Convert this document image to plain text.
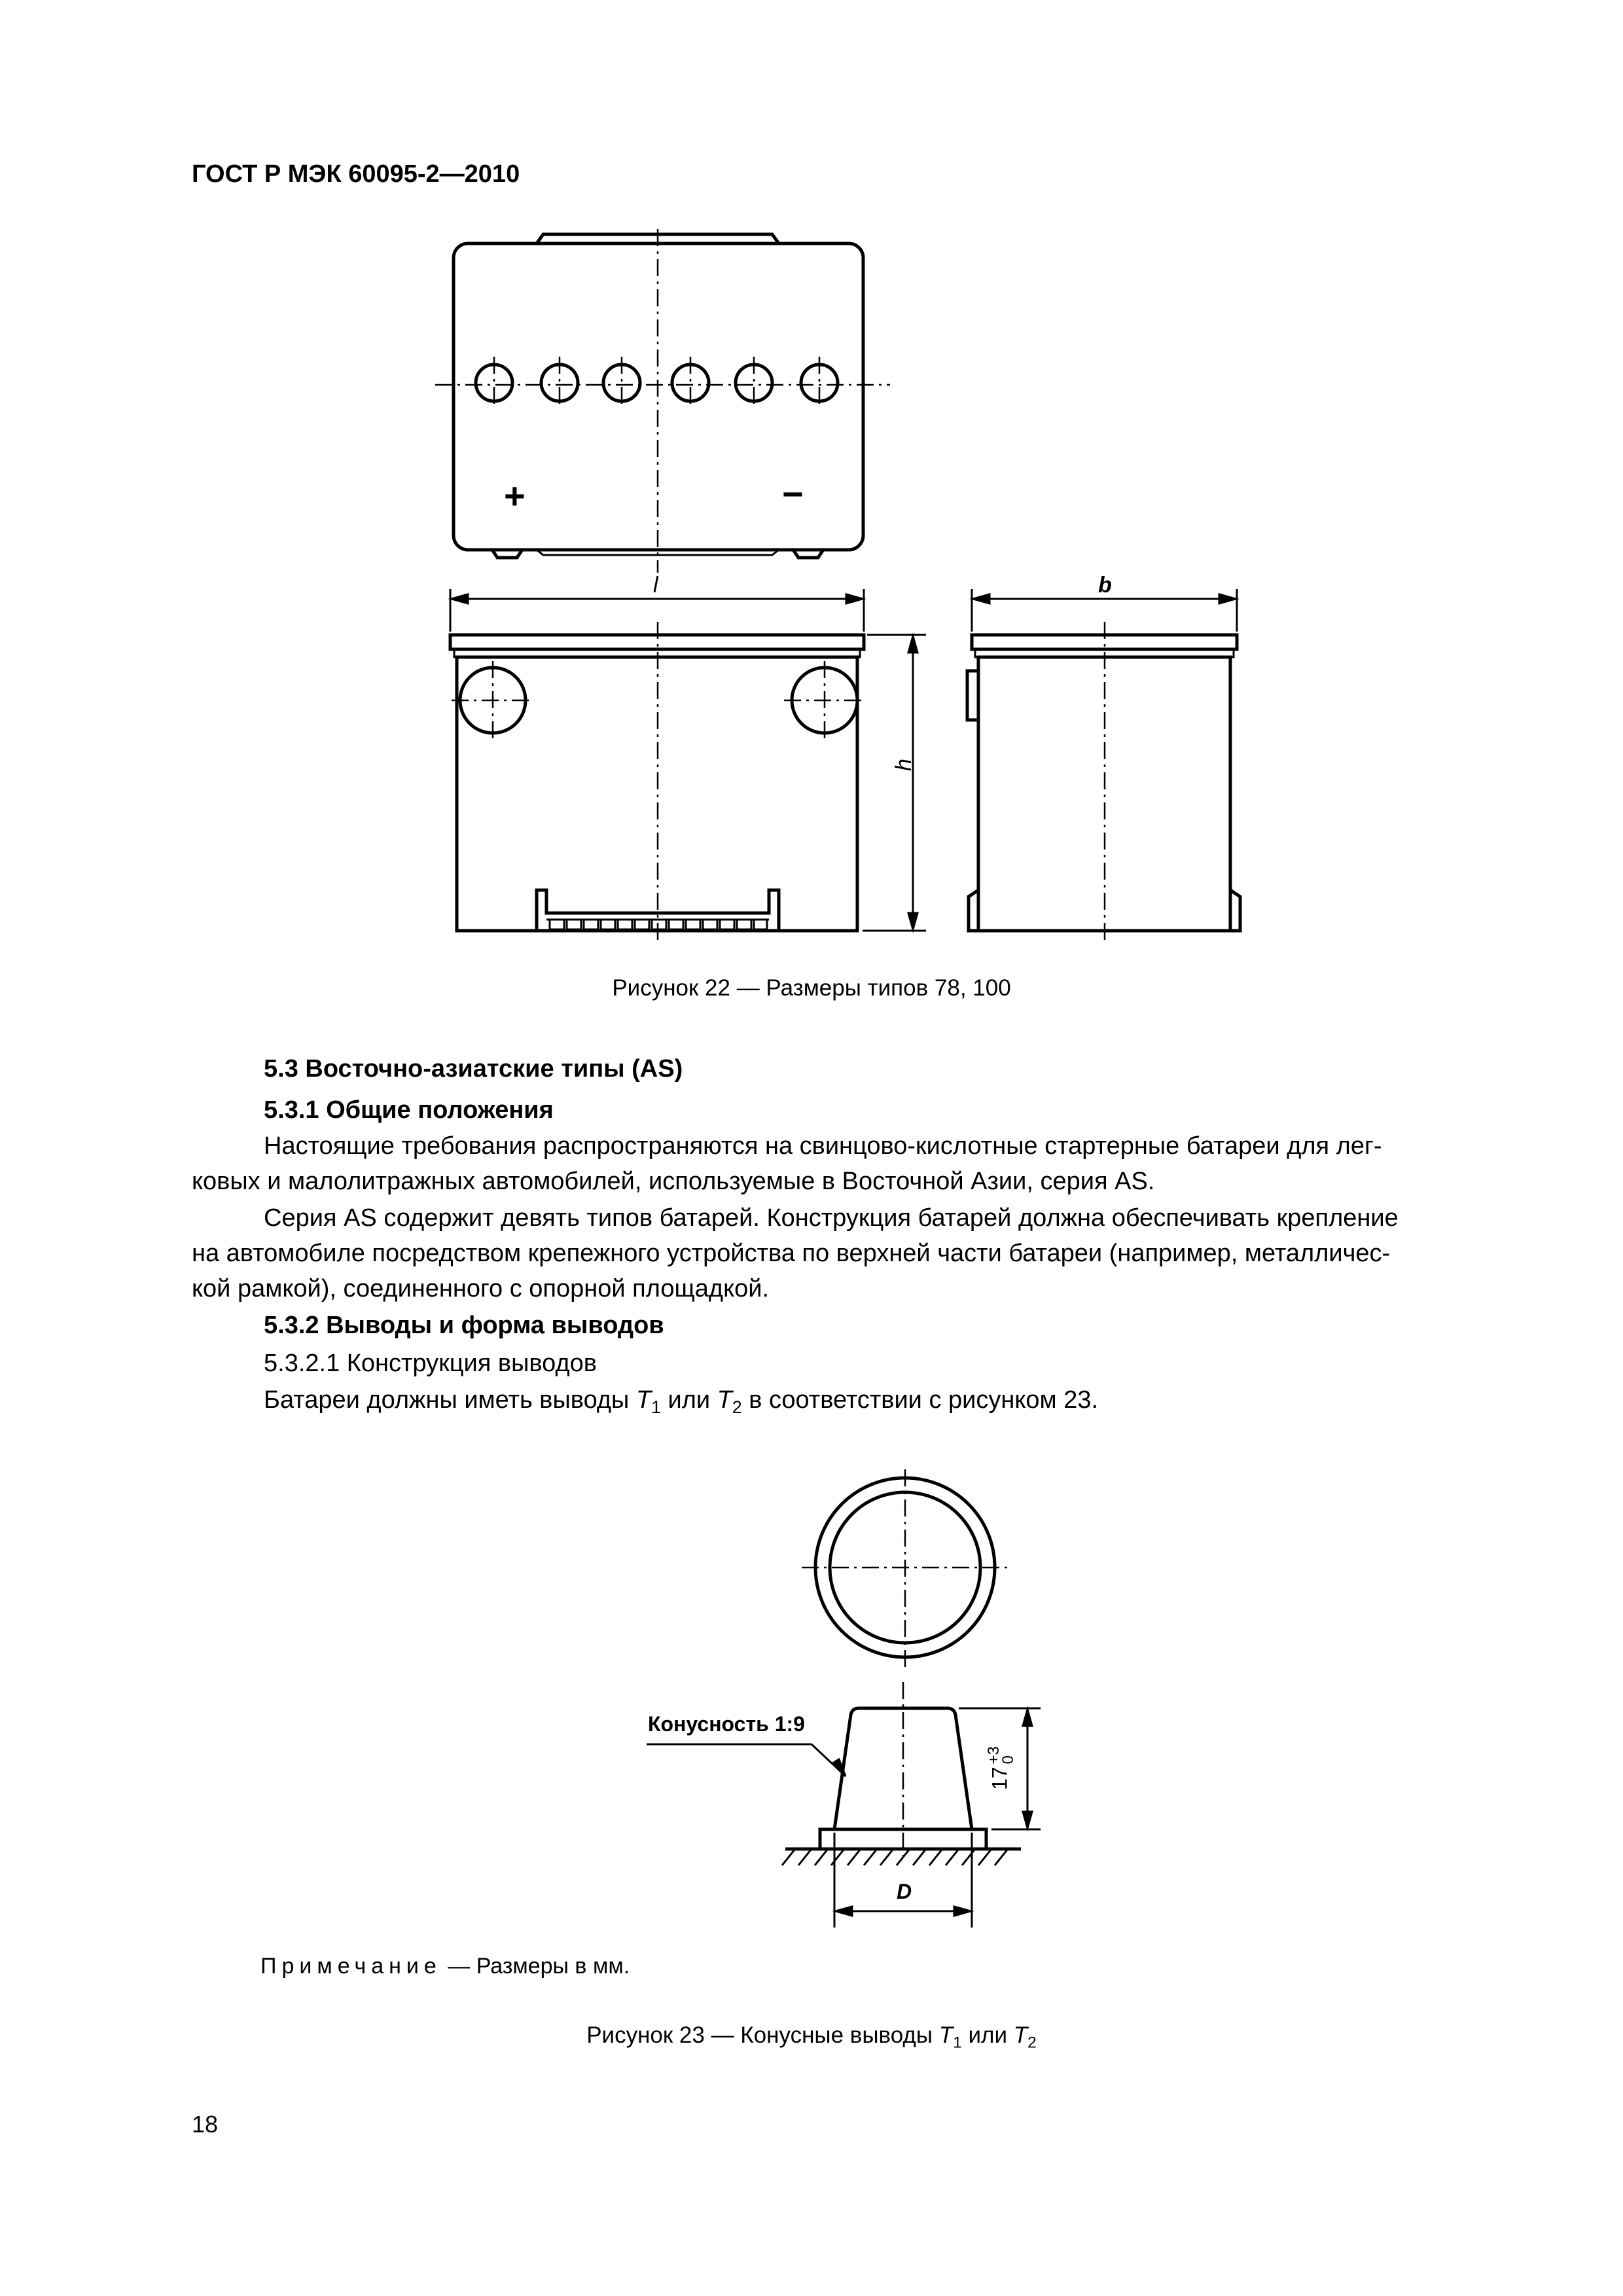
ГОСТ Р МЭК 60095-2—2010
+	−
l	b
h
Рисунок 22 — Размеры типов 78, 100
5.3 Восточно-азиатские типы (AS)
5.3.1 Общие положения
Настоящие требования распространяются на свинцово-кислотные стартерные батареи для лег-
ковых и малолитражных автомобилей, используемые в Восточной Азии, серия AS.
Серия AS содержит девять типов батарей. Конструкция батарей должна обеспечивать крепление
на автомобиле посредством крепежного устройства по верхней части батареи (например, металличес-
кой рамкой), соединенного с опорной площадкой.
5.3.2 Выводы и форма выводов
5.3.2.1 Конструкция выводов
Батареи должны иметь выводы $T_1$ или $T_2$ в соответствии с рисунком 23.
Конусность 1:9
17
+3
0
D
Примечание — Размеры в мм.
Рисунок 23 — Конусные выводы $T_1$ или $T_2$
18
